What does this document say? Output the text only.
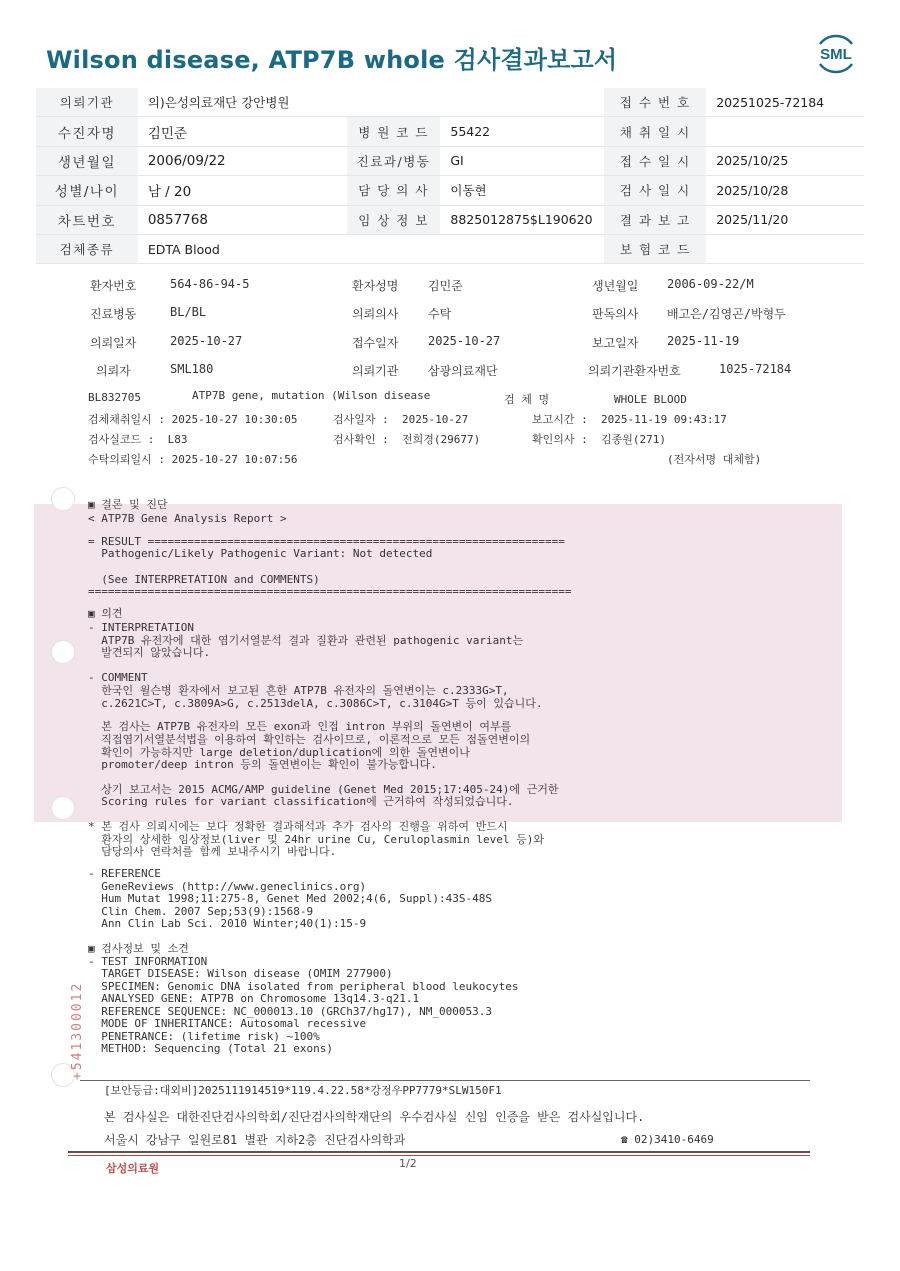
Wilson disease, ATP7B whole 검사결과보고서	SML
의뢰기관	의)은성의료재단 강안병원			접 수 번 호	20251025-72184
수진자명	김민준	병 원 코 드	55422	채 취 일 시	
생년월일	2006/09/22	진료과/병동	GI	접 수 일 시	2025/10/25
성별/나이	남 / 20	담 당 의 사	이동현	검 사 일 시	2025/10/28
차트번호	0857768	임 상 정 보	8825012875$L190620	결 과 보 고	2025/11/20
검체종류	EDTA Blood			보 험 코 드	
환자번호	564-86-94-5	환자성명 김민준	생년월일 2006-09-22/M
진료병동	BL/BL	의뢰의사 수탁	판독의사 배고은/김영곤/박형두
의뢰일자	2025-10-27	접수일자 2025-10-27	보고일자 2025-11-19
의뢰자	SML180	의뢰기관 삼광의료재단	의뢰기관환자번호	1025-72184
BL832705	ATP7B gene, mutation (Wilson disease	검 체 명	WHOLE BLOOD
검체채취일시 : 2025-10-27 10:30:05	검사일자 :  2025-10-27	보고시간 :  2025-11-19 09:43:17
검사실코드 :  L83	검사확인 :  전희경(29677)	확인의사 :  김종원(271)
수탁의뢰일시 : 2025-10-27 10:07:56	(전자서명 대체함)
▣ 결론 및 진단
< ATP7B Gene Analysis Report >
= RESULT ===============================================================
Pathogenic/Likely Pathogenic Variant: Not detected
(See INTERPRETATION and COMMENTS)
=========================================================================
▣ 의견
- INTERPRETATION
ATP7B 유전자에 대한 염기서열분석 결과 질환과 관련된 pathogenic variant는
발견되지 않았습니다.
- COMMENT
한국인 윌슨병 환자에서 보고된 흔한 ATP7B 유전자의 돌연변이는 c.2333G>T,
c.2621C>T, c.3809A>G, c.2513delA, c.3086C>T, c.3104G>T 등이 있습니다.
본 검사는 ATP7B 유전자의 모든 exon과 인접 intron 부위의 돌연변이 여부를
직접염기서열분석법을 이용하여 확인하는 검사이므로, 이론적으로 모든 점돌연변이의
확인이 가능하지만 large deletion/duplication에 의한 돌연변이나
promoter/deep intron 등의 돌연변이는 확인이 불가능합니다.
상기 보고서는 2015 ACMG/AMP guideline (Genet Med 2015;17:405-24)에 근거한
Scoring rules for variant classification에 근거하여 작성되었습니다.
* 본 검사 의뢰시에는 보다 정확한 결과해석과 추가 검사의 진행을 위하여 반드시
환자의 상세한 임상정보(liver 및 24hr urine Cu, Ceruloplasmin level 등)와
담당의사 연락처를 함께 보내주시기 바랍니다.
- REFERENCE
GeneReviews (http://www.geneclinics.org)
Hum Mutat 1998;11:275-8, Genet Med 2002;4(6, Suppl):43S-48S
Clin Chem. 2007 Sep;53(9):1568-9
Ann Clin Lab Sci. 2010 Winter;40(1):15-9
▣ 검사정보 및 소견
- TEST INFORMATION
TARGET DISEASE: Wilson disease (OMIM 277900)
SPECIMEN: Genomic DNA isolated from peripheral blood leukocytes
ANALYSED GENE: ATP7B on Chromosome 13q14.3-q21.1
REFERENCE SEQUENCE: NC_000013.10 (GRCh37/hg17), NM_000053.3
MODE OF INHERITANCE: Autosomal recessive
PENETRANCE: (lifetime risk) ~100%
METHOD: Sequencing (Total 21 exons)
+541300012
[보안등급:대외비]2025111914519*119.4.22.58*강정우PP7779*SLW150F1
본 검사실은 대한진단검사의학회/진단검사의학재단의 우수검사실 신임 인증을 받은 검사실입니다.
서울시 강남구 일원로81 별관 지하2층 진단검사의학과	☎ 02)3410-6469
삼성의료원	1/2
